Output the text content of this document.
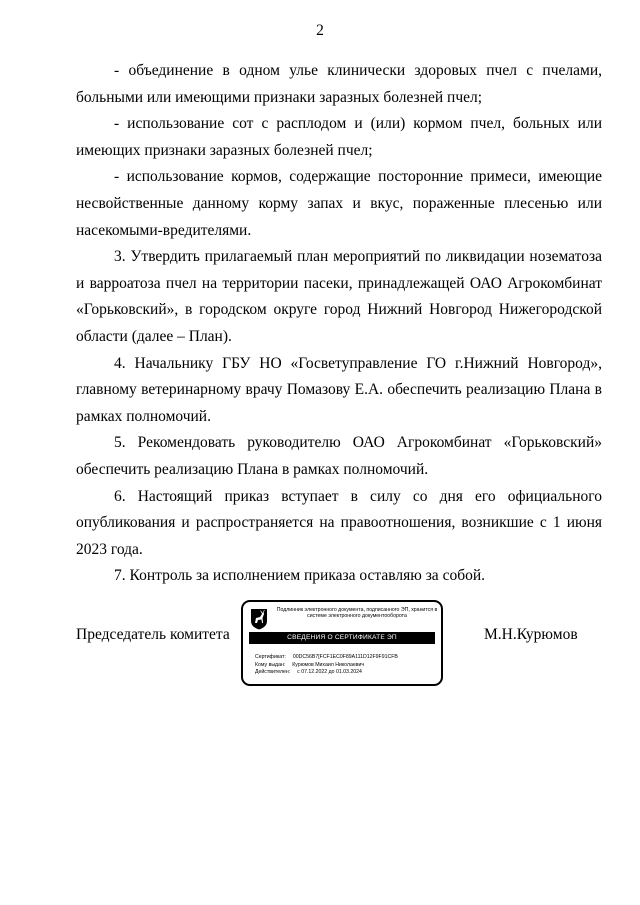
2

- объединение в одном улье клинически здоровых пчел с пчелами, больными или имеющими признаки заразных болезней пчел;

- использование сот с расплодом и (или) кормом пчел, больных или имеющих признаки заразных болезней пчел;

- использование кормов, содержащие посторонние примеси, имеющие несвойственные данному корму запах и вкус, пораженные плесенью или насекомыми-вредителями.

3. Утвердить прилагаемый план мероприятий по ликвидации нозематоза и варроатоза пчел на территории пасеки, принадлежащей ОАО Агрокомбинат «Горьковский», в городском округе город Нижний Новгород Нижегородской области (далее – План).

4. Начальнику ГБУ НО «Госветуправление ГО г.Нижний Новгород», главному ветеринарному врачу Помазову Е.А. обеспечить реализацию Плана в рамках полномочий.

5. Рекомендовать руководителю ОАО Агрокомбинат «Горьковский» обеспечить реализацию Плана в рамках полномочий.

6. Настоящий приказ вступает в силу со дня его официального опубликования и распространяется на правоотношения, возникшие с 1 июня 2023 года.

7. Контроль за исполнением приказа оставляю за собой.

Председатель комитета
Подлинник электронного документа, подписанного ЭП, хранится в системе электронного документооборота
СВЕДЕНИЯ О СЕРТИФИКАТЕ ЭП
Сертификат: 00DC56B7[FCF1EC0F89A111D12F9F91CFB
Кому выдан: Курюмов Михаил Николаевич
Действителен: с 07.12.2022 до 01.03.2024
М.Н.Курюмов
